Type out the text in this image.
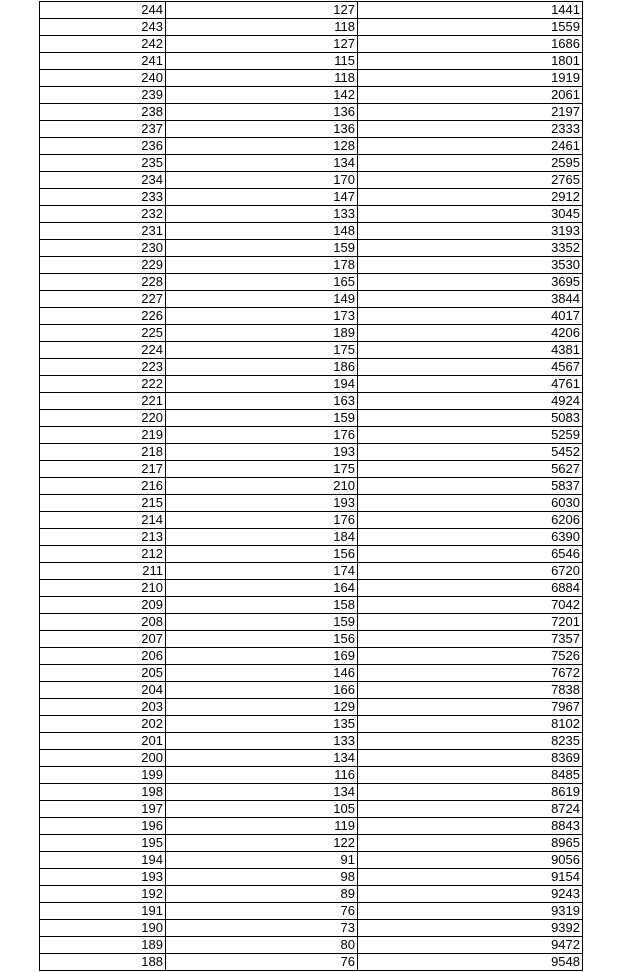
244	127	1441
243	118	1559
242	127	1686
241	115	1801
240	118	1919
239	142	2061
238	136	2197
237	136	2333
236	128	2461
235	134	2595
234	170	2765
233	147	2912
232	133	3045
231	148	3193
230	159	3352
229	178	3530
228	165	3695
227	149	3844
226	173	4017
225	189	4206
224	175	4381
223	186	4567
222	194	4761
221	163	4924
220	159	5083
219	176	5259
218	193	5452
217	175	5627
216	210	5837
215	193	6030
214	176	6206
213	184	6390
212	156	6546
211	174	6720
210	164	6884
209	158	7042
208	159	7201
207	156	7357
206	169	7526
205	146	7672
204	166	7838
203	129	7967
202	135	8102
201	133	8235
200	134	8369
199	116	8485
198	134	8619
197	105	8724
196	119	8843
195	122	8965
194	91	9056
193	98	9154
192	89	9243
191	76	9319
190	73	9392
189	80	9472
188	76	9548
